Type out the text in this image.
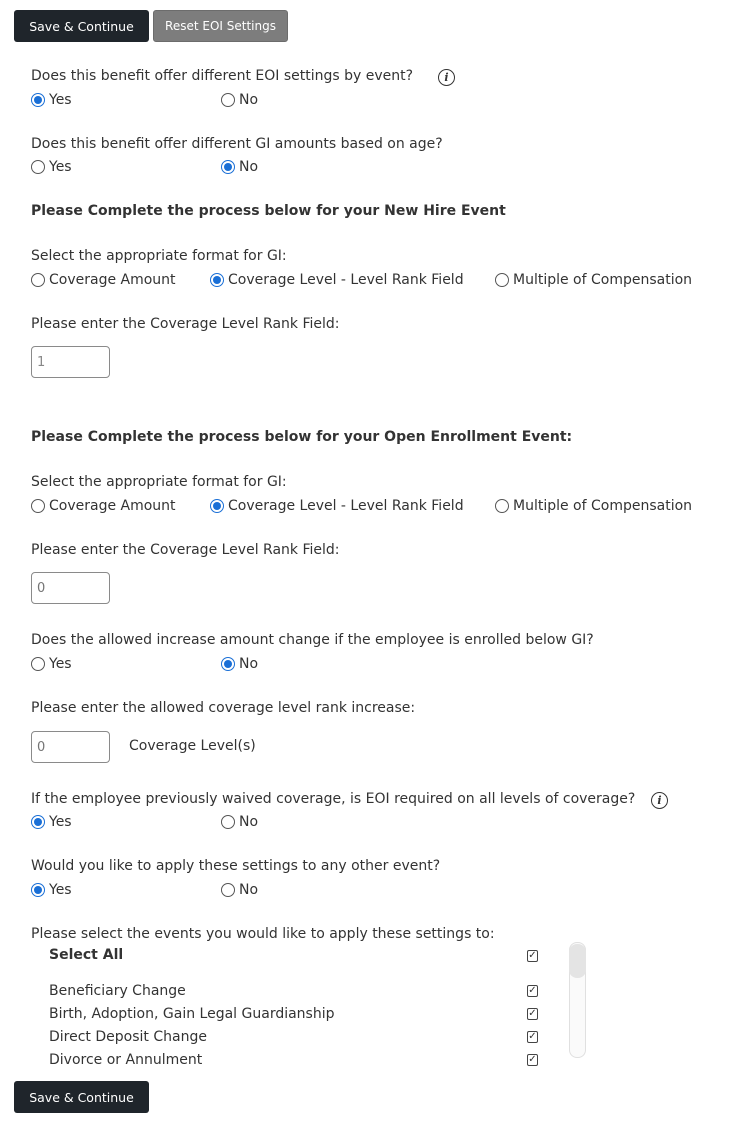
Save & Continue	Reset EOI Settings
Does this benefit offer different EOI settings by event?	i
Yes	No
Does this benefit offer different GI amounts based on age?
Yes	No
Please Complete the process below for your New Hire Event
Select the appropriate format for GI:
Coverage Amount	Coverage Level - Level Rank Field	Multiple of Compensation
Please enter the Coverage Level Rank Field:
1
Please Complete the process below for your Open Enrollment Event:
Select the appropriate format for GI:
Coverage Amount	Coverage Level - Level Rank Field	Multiple of Compensation
Please enter the Coverage Level Rank Field:
0
Does the allowed increase amount change if the employee is enrolled below GI?
Yes	No
Please enter the allowed coverage level rank increase:
0
Coverage Level(s)
If the employee previously waived coverage, is EOI required on all levels of coverage?	i
Yes	No
Would you like to apply these settings to any other event?
Yes	No
Please select the events you would like to apply these settings to:
Select All	✓
Beneficiary Change	✓
Birth, Adoption, Gain Legal Guardianship	✓
Direct Deposit Change	✓
Divorce or Annulment	✓
Save & Continue
